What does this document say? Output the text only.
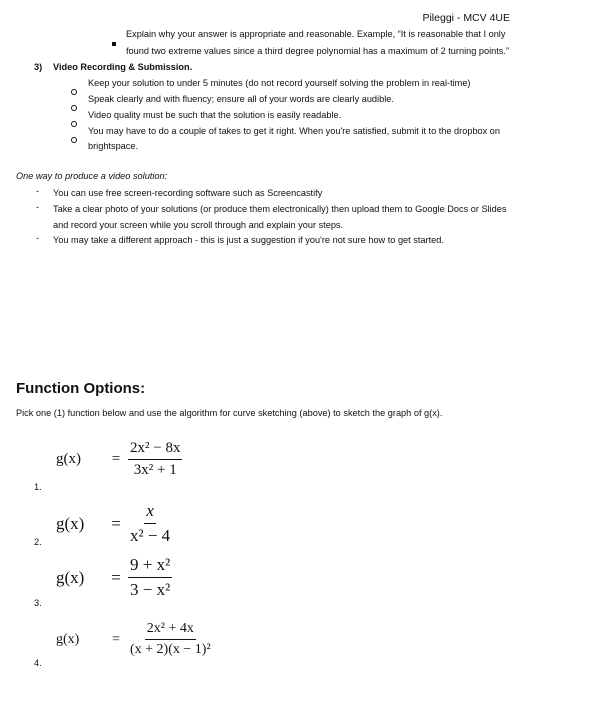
Pileggi - MCV 4UE
Explain why your answer is appropriate and reasonable. Example, “It is reasonable that I only
found two extreme values since a third degree polynomial has a maximum of 2 turning points.”
3) Video Recording & Submission.
Keep your solution to under 5 minutes (do not record yourself solving the problem in real-time)
Speak clearly and with fluency; ensure all of your words are clearly audible.
Video quality must be such that the solution is easily readable.
You may have to do a couple of takes to get it right. When you're satisfied, submit it to the dropbox on
brightspace.
One way to produce a video solution:
- You can use free screen-recording software such as Screencastify
- Take a clear photo of your solutions (or produce them electronically) then upload them to Google Docs or Slides
and record your screen while you scroll through and explain your steps.
- You may take a different approach - this is just a suggestion if you're not sure how to get started.
Function Options:
Pick one (1) function below and use the algorithm for curve sketching (above) to sketch the graph of g(x).
g(x)	= $\frac{\text{2x² − 8x}}{\text{3x² + 1}}$
1.
g(x)	= $\frac{x}{\text{x² − 4}}$
2.
g(x)	= $\frac{\text{9 + x²}}{\text{3 − x²}}$
3.
g(x)	= $\frac{\text{2x² + 4x}}{\text{(x + 2)(x − 1)²}}$
4.
